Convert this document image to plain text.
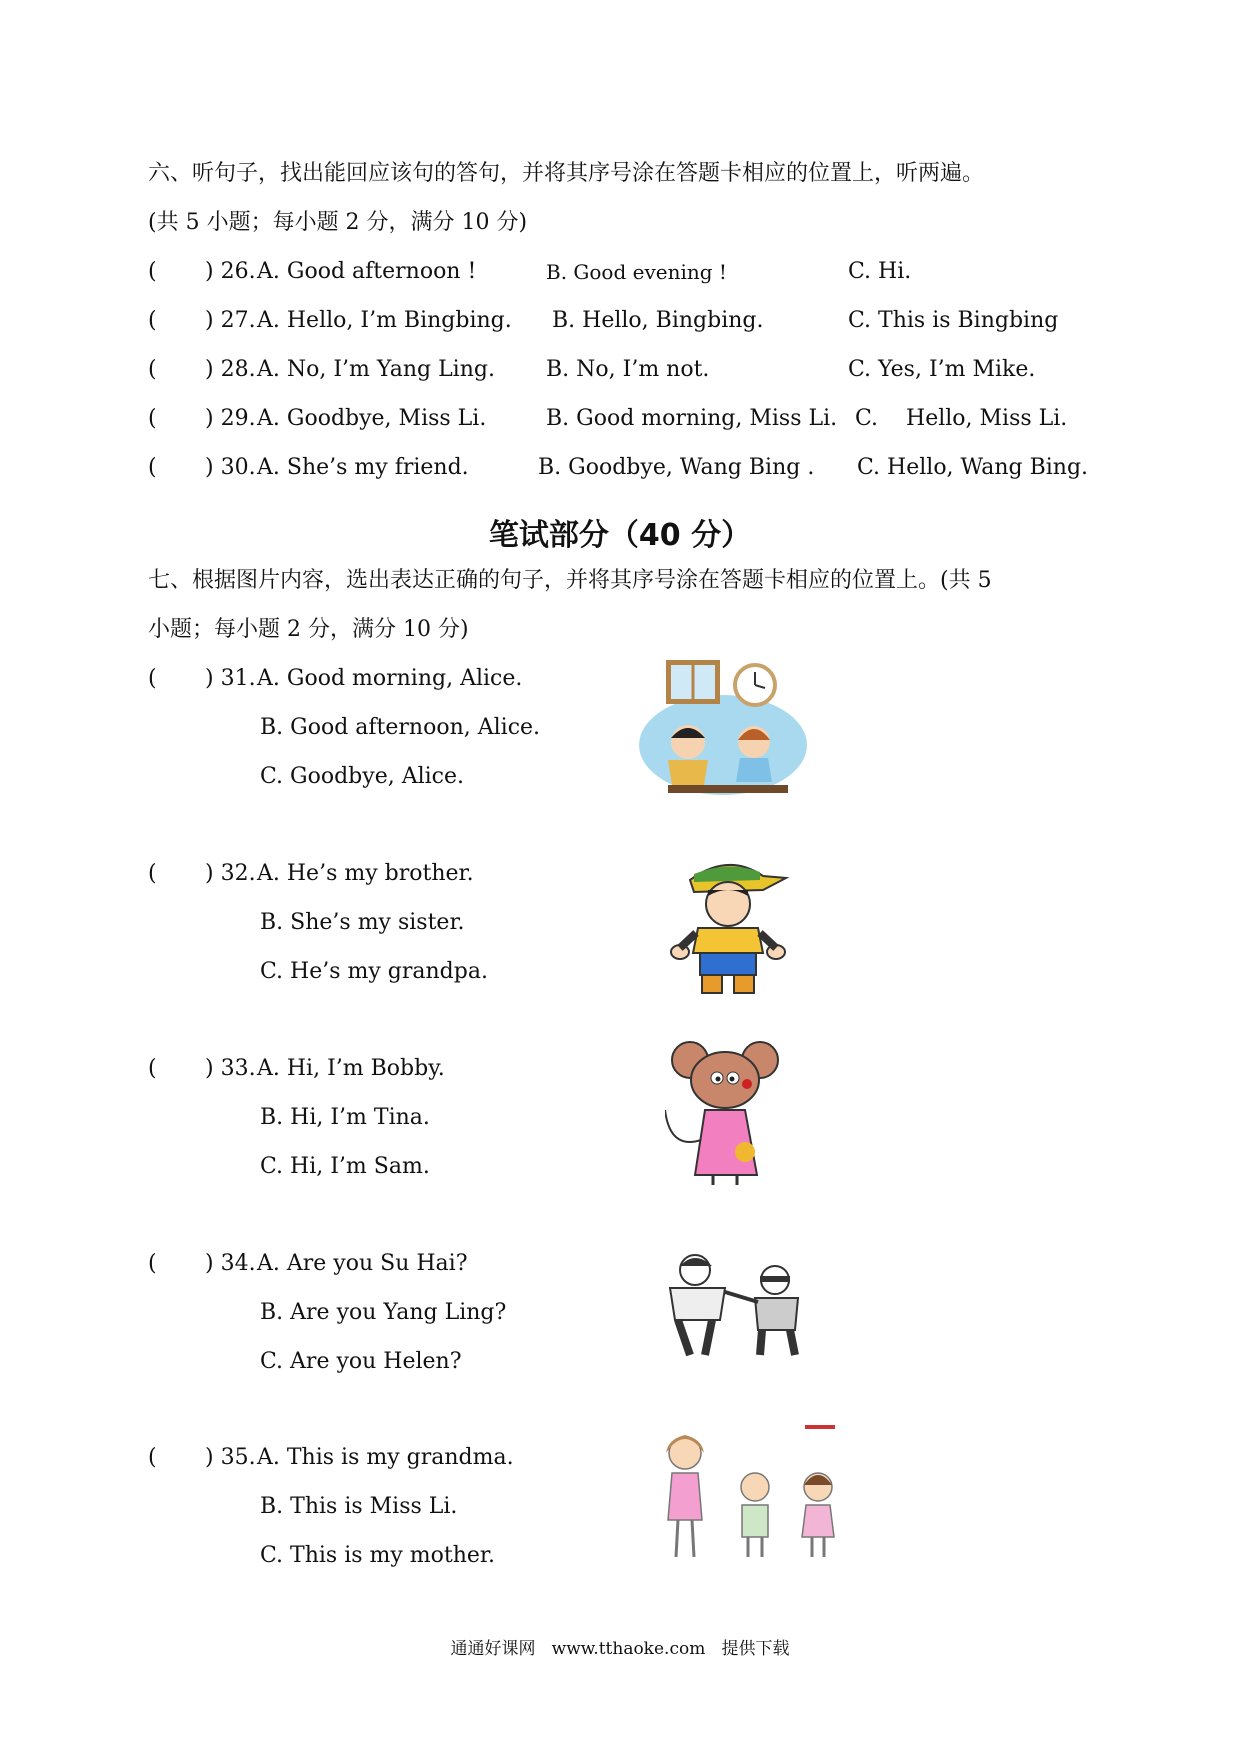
六、听句子，找出能回应该句的答句，并将其序号涂在答题卡相应的位置上，听两遍。
(共 5 小题；每小题 2 分，满分 10 分)
( ) 26. A. Good afternoon !	B. Good evening !	C. Hi.
( ) 27. A. Hello, I’m Bingbing. B. Hello, Bingbing.	C. This is Bingbing
( ) 28. A. No, I’m Yang Ling. B. No, I’m not.	C. Yes, I’m Mike.
( ) 29. A. Goodbye, Miss Li.	B. Good morning, Miss Li. C.    Hello, Miss Li.
( ) 30. A. She’s my friend.	B. Goodbye, Wang Bing . C. Hello, Wang Bing.
笔试部分（40 分）
七、根据图片内容，选出表达正确的句子，并将其序号涂在答题卡相应的位置上。(共 5
小题；每小题 2 分，满分 10 分)
( ) 31. A. Good morning, Alice.
B. Good afternoon, Alice.
C. Goodbye, Alice.
( ) 32. A. He’s my brother.
B. She’s my sister.
C. He’s my grandpa.
( ) 33. A. Hi, I’m Bobby.
B. Hi, I’m Tina.
C. Hi, I’m Sam.
( ) 34. A. Are you Su Hai?
B. Are you Yang Ling?
C. Are you Helen?
( ) 35. A. This is my grandma.
B. This is Miss Li.
C. This is my mother.
通通好课网   www.tthaoke.com   提供下载
